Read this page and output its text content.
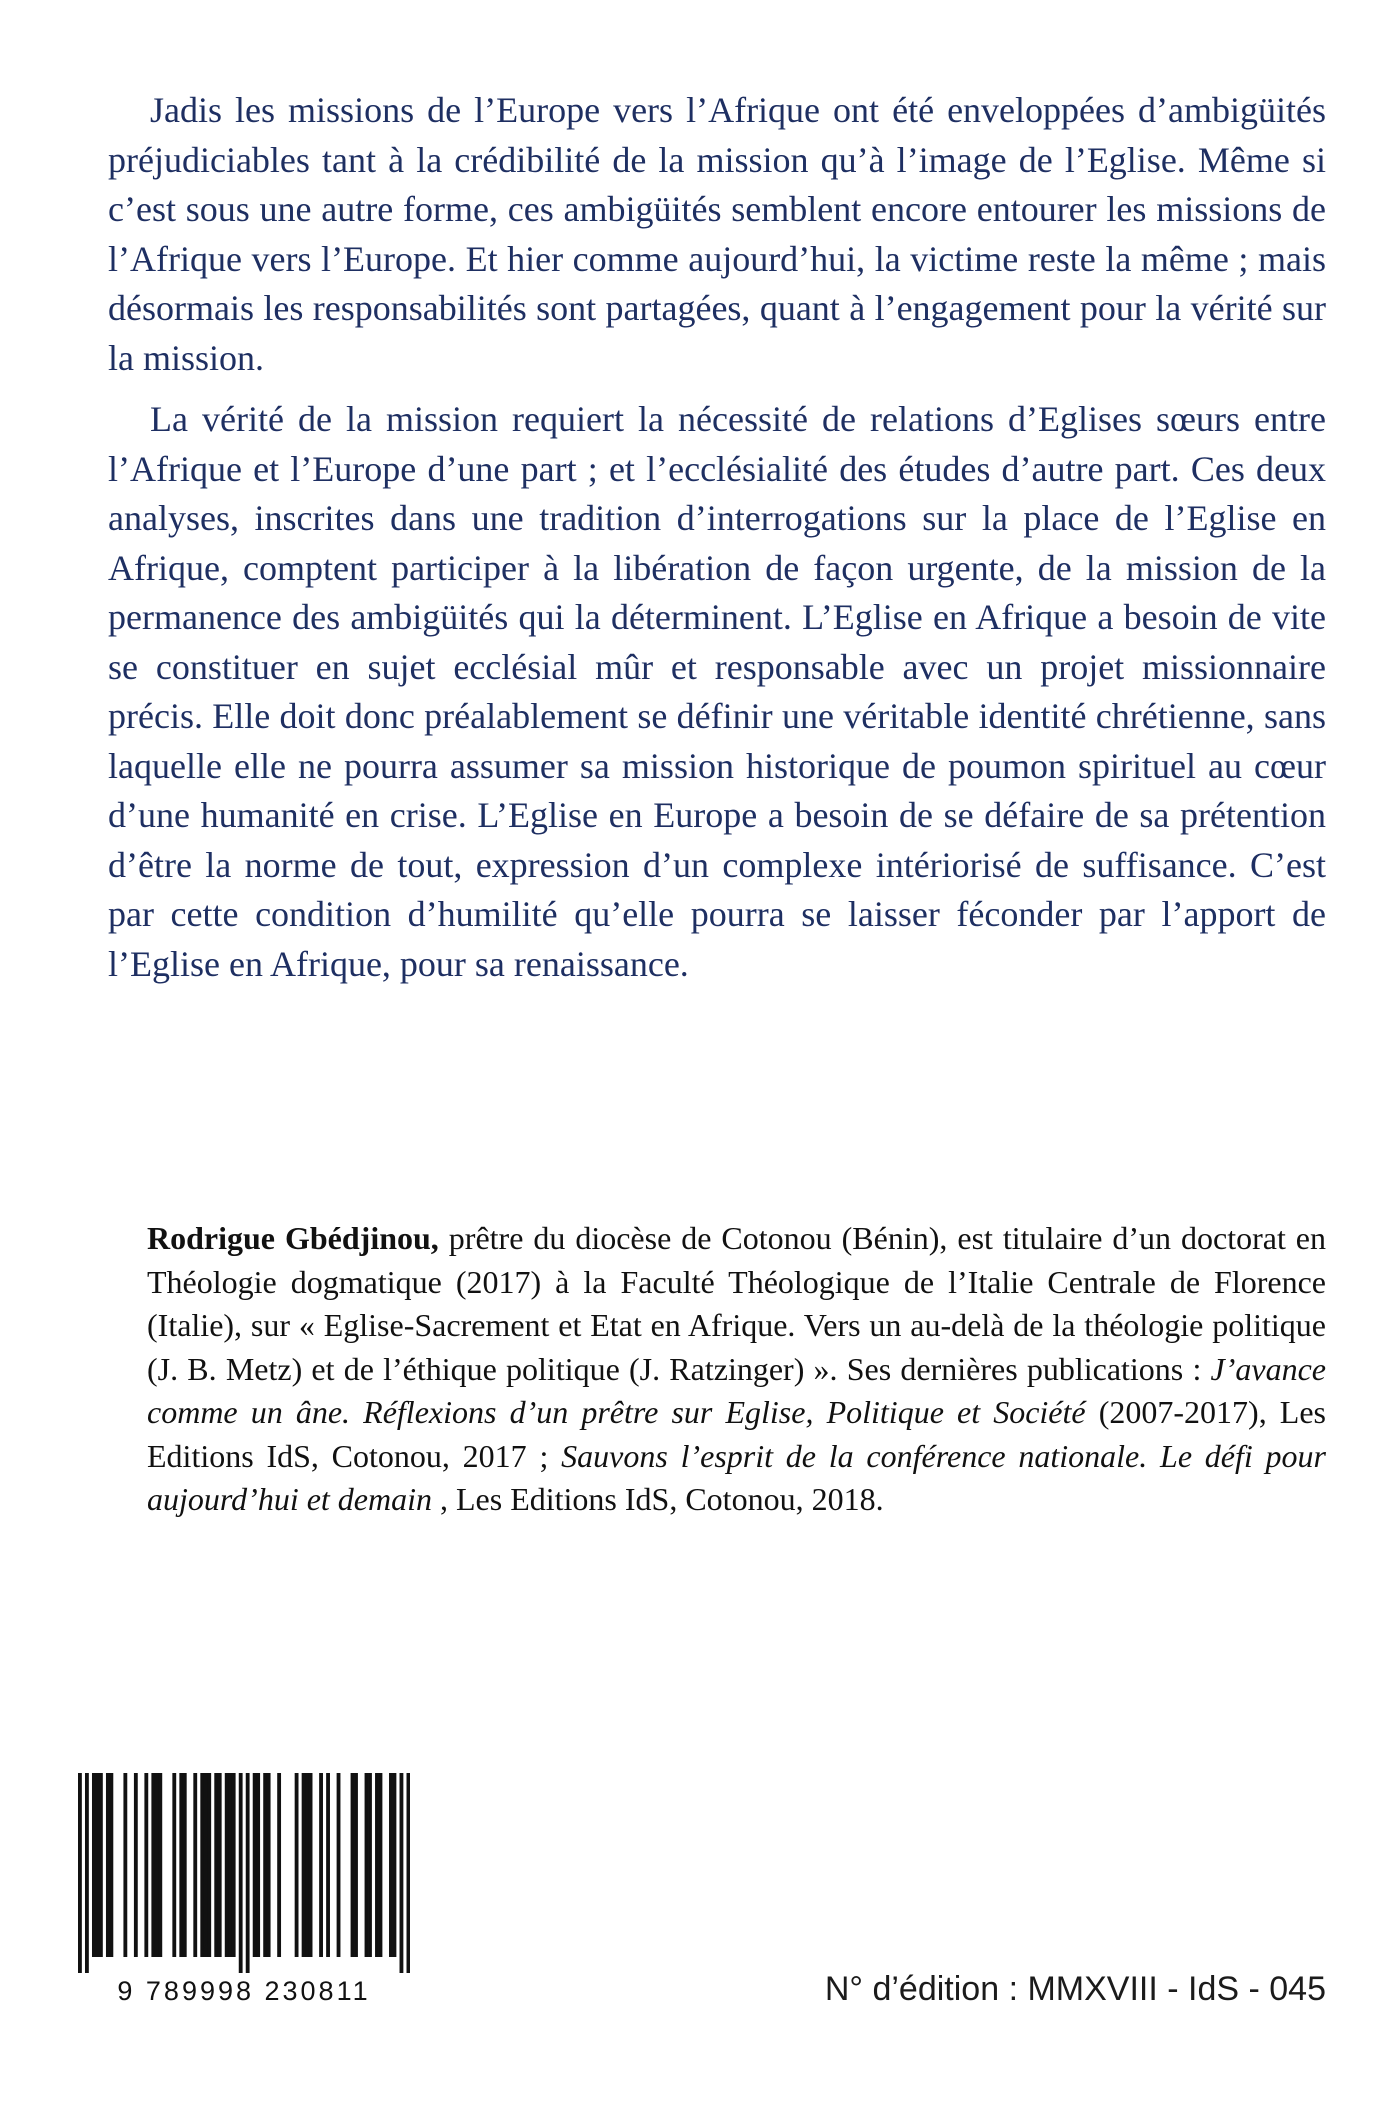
Jadis les missions de l’Europe vers l’Afrique ont été enveloppées d’ambigüités préjudiciables tant à la crédibilité de la mission qu’à l’image de l’Eglise. Même si c’est sous une autre forme, ces ambigüités semblent encore entourer les missions de l’Afrique vers l’Europe. Et hier comme aujourd’hui, la victime reste la même ; mais désormais les responsabilités sont partagées, quant à l’engagement pour la vérité sur la mission.

La vérité de la mission requiert la nécessité de relations d’Eglises sœurs entre l’Afrique et l’Europe d’une part ; et l’ecclésialité des études d’autre part. Ces deux analyses, inscrites dans une tradition d’interrogations sur la place de l’Eglise en Afrique, comptent participer à la libération de façon urgente, de la mission de la permanence des ambigüités qui la déterminent. L’Eglise en Afrique a besoin de vite se constituer en sujet ecclésial mûr et responsable avec un projet missionnaire précis. Elle doit donc préalablement se définir une véritable identité chrétienne, sans laquelle elle ne pourra assumer sa mission historique de poumon spirituel au cœur d’une humanité en crise. L’Eglise en Europe a besoin de se défaire de sa prétention d’être la norme de tout, expression d’un complexe intériorisé de suffisance. C’est par cette condition d’humilité qu’elle pourra se laisser féconder par l’apport de l’Eglise en Afrique, pour sa renaissance.

Rodrigue Gbédjinou, prêtre du diocèse de Cotonou (Bénin), est titulaire d’un doctorat en Théologie dogmatique (2017) à la Faculté Théologique de l’Italie Centrale de Florence (Italie), sur « Eglise-Sacrement et Etat en Afrique. Vers un au-delà de la théologie politique (J. B. Metz) et de l’éthique politique (J. Ratzinger) ». Ses dernières publications : J’avance comme un âne. Réflexions d’un prêtre sur Eglise, Politique et Société (2007-2017), Les Editions IdS, Cotonou, 2017 ; Sauvons l’esprit de la conférence nationale. Le défi pour aujourd’hui et demain , Les Editions IdS, Cotonou, 2018.

9 789998 230811	N° d’édition : MMXVIII - IdS - 045
